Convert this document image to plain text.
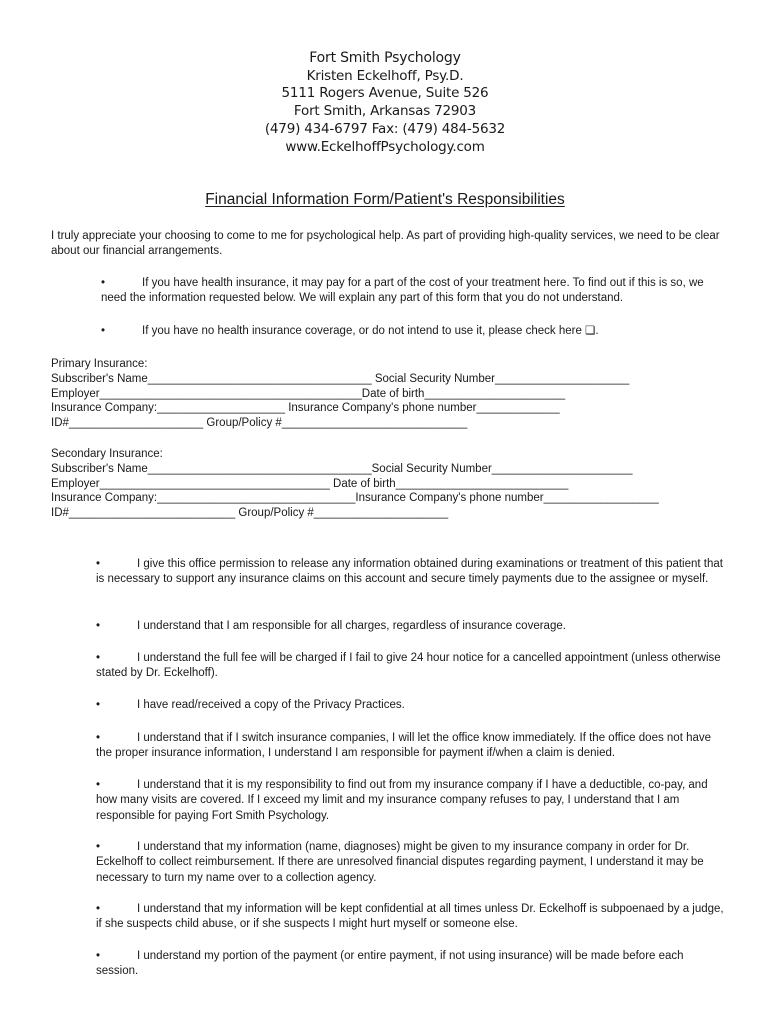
Fort Smith Psychology
Kristen Eckelhoff, Psy.D.
5111 Rogers Avenue, Suite 526
Fort Smith, Arkansas 72903
(479) 434-6797 Fax: (479) 484-5632
www.EckelhoffPsychology.com
Financial Information Form/Patient's Responsibilities
I truly appreciate your choosing to come to me for psychological help. As part of providing high-quality services, we need to be clear about our financial arrangements.
•	If you have health insurance, it may pay for a part of the cost of your treatment here. To find out if this is so, we need the information requested below. We will explain any part of this form that you do not understand.
•	If you have no health insurance coverage, or do not intend to use it, please check here ❏.
Primary Insurance:
Subscriber's Name___________________________________ Social Security Number_____________________
Employer_________________________________________Date of birth______________________
Insurance Company:____________________ Insurance Company's phone number_____________
ID#_____________________ Group/Policy #_____________________________
Secondary Insurance:
Subscriber's Name___________________________________Social Security Number______________________
Employer____________________________________ Date of birth___________________________
Insurance Company:_______________________________Insurance Company's phone number__________________
ID#__________________________ Group/Policy #_____________________
•	I give this office permission to release any information obtained during examinations or treatment of this patient that is necessary to support any insurance claims on this account and secure timely payments due to the assignee or myself.
•	I understand that I am responsible for all charges, regardless of insurance coverage.
•	I understand the full fee will be charged if I fail to give 24 hour notice for a cancelled appointment (unless otherwise stated by Dr. Eckelhoff).
•	I have read/received a copy of the Privacy Practices.
•	I understand that if I switch insurance companies, I will let the office know immediately. If the office does not have the proper insurance information, I understand I am responsible for payment if/when a claim is denied.
•	I understand that it is my responsibility to find out from my insurance company if I have a deductible, co-pay, and how many visits are covered. If I exceed my limit and my insurance company refuses to pay, I understand that I am responsible for paying Fort Smith Psychology.
•	I understand that my information (name, diagnoses) might be given to my insurance company in order for Dr. Eckelhoff to collect reimbursement. If there are unresolved financial disputes regarding payment, I understand it may be necessary to turn my name over to a collection agency.
•	I understand that my information will be kept confidential at all times unless Dr. Eckelhoff is subpoenaed by a judge, if she suspects child abuse, or if she suspects I might hurt myself or someone else.
•	I understand my portion of the payment (or entire payment, if not using insurance) will be made before each session.
